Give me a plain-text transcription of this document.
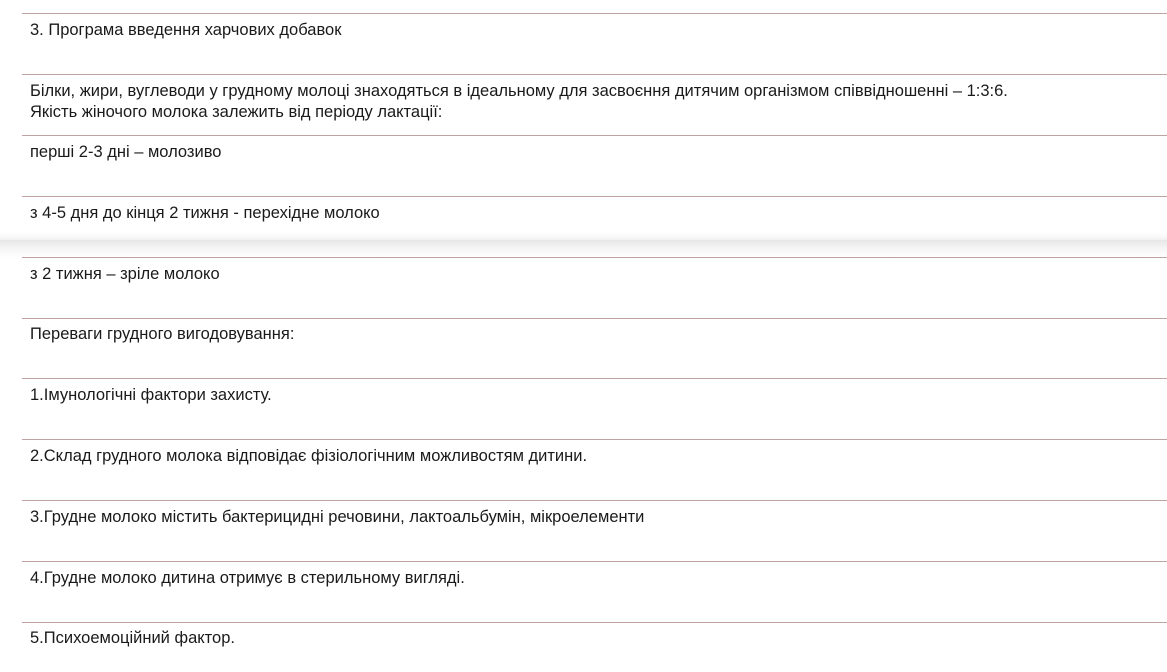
3. Програма введення харчових добавок
Білки, жири, вуглеводи у грудному молоці знаходяться в ідеальному для засвоєння дитячим організмом співвідношенні – 1:3:6.
Якість жіночого молока залежить від періоду лактації:
перші 2-3 дні – молозиво
з 4-5 дня до кінця 2 тижня - перехідне молоко
з 2 тижня – зріле молоко
Переваги грудного вигодовування:
1.Імунологічні фактори захисту.
2.Склад грудного молока відповідає фізіологічним можливостям дитини.
3.Грудне молоко містить бактерицидні речовини, лактоальбумін, мікроелементи
4.Грудне молоко дитина отримує в стерильному вигляді.
5.Психоемоційний фактор.
